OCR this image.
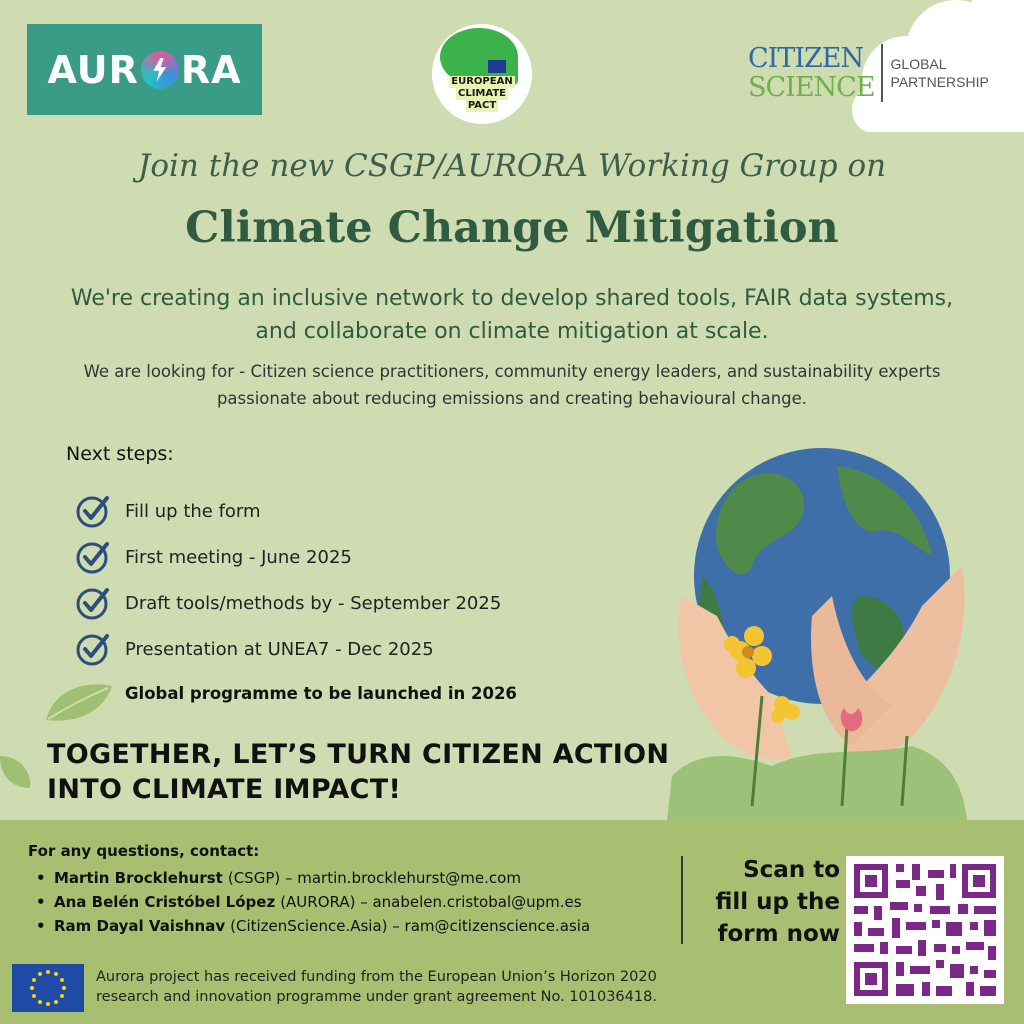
AUR RA	EUROPEAN
CLIMATE
PACT
CITIZEN
SCIENCE
GLOBAL
PARTNERSHIP
Join the new CSGP/AURORA Working Group on
Climate Change Mitigation
We're creating an inclusive network to develop shared tools, FAIR data systems, and collaborate on climate mitigation at scale.
We are looking for - Citizen science practitioners, community energy leaders, and sustainability experts passionate about reducing emissions and creating behavioural change.
Next steps:
Fill up the form
First meeting - June 2025
Draft tools/methods by - September 2025
Presentation at UNEA7 - Dec 2025
Global programme to be launched in 2026
TOGETHER, LET’S TURN CITIZEN ACTION
INTO CLIMATE IMPACT!
For any questions, contact:
• Martin Brocklehurst (CSGP) – martin.brocklehurst@me.com
• Ana Belén Cristóbel López (AURORA) – anabelen.cristobal@upm.es
• Ram Dayal Vaishnav (CitizenScience.Asia) – ram@citizenscience.asia
Scan to
fill up the
form now
Aurora project has received funding from the European Union’s Horizon 2020
research and innovation programme under grant agreement No. 101036418.
